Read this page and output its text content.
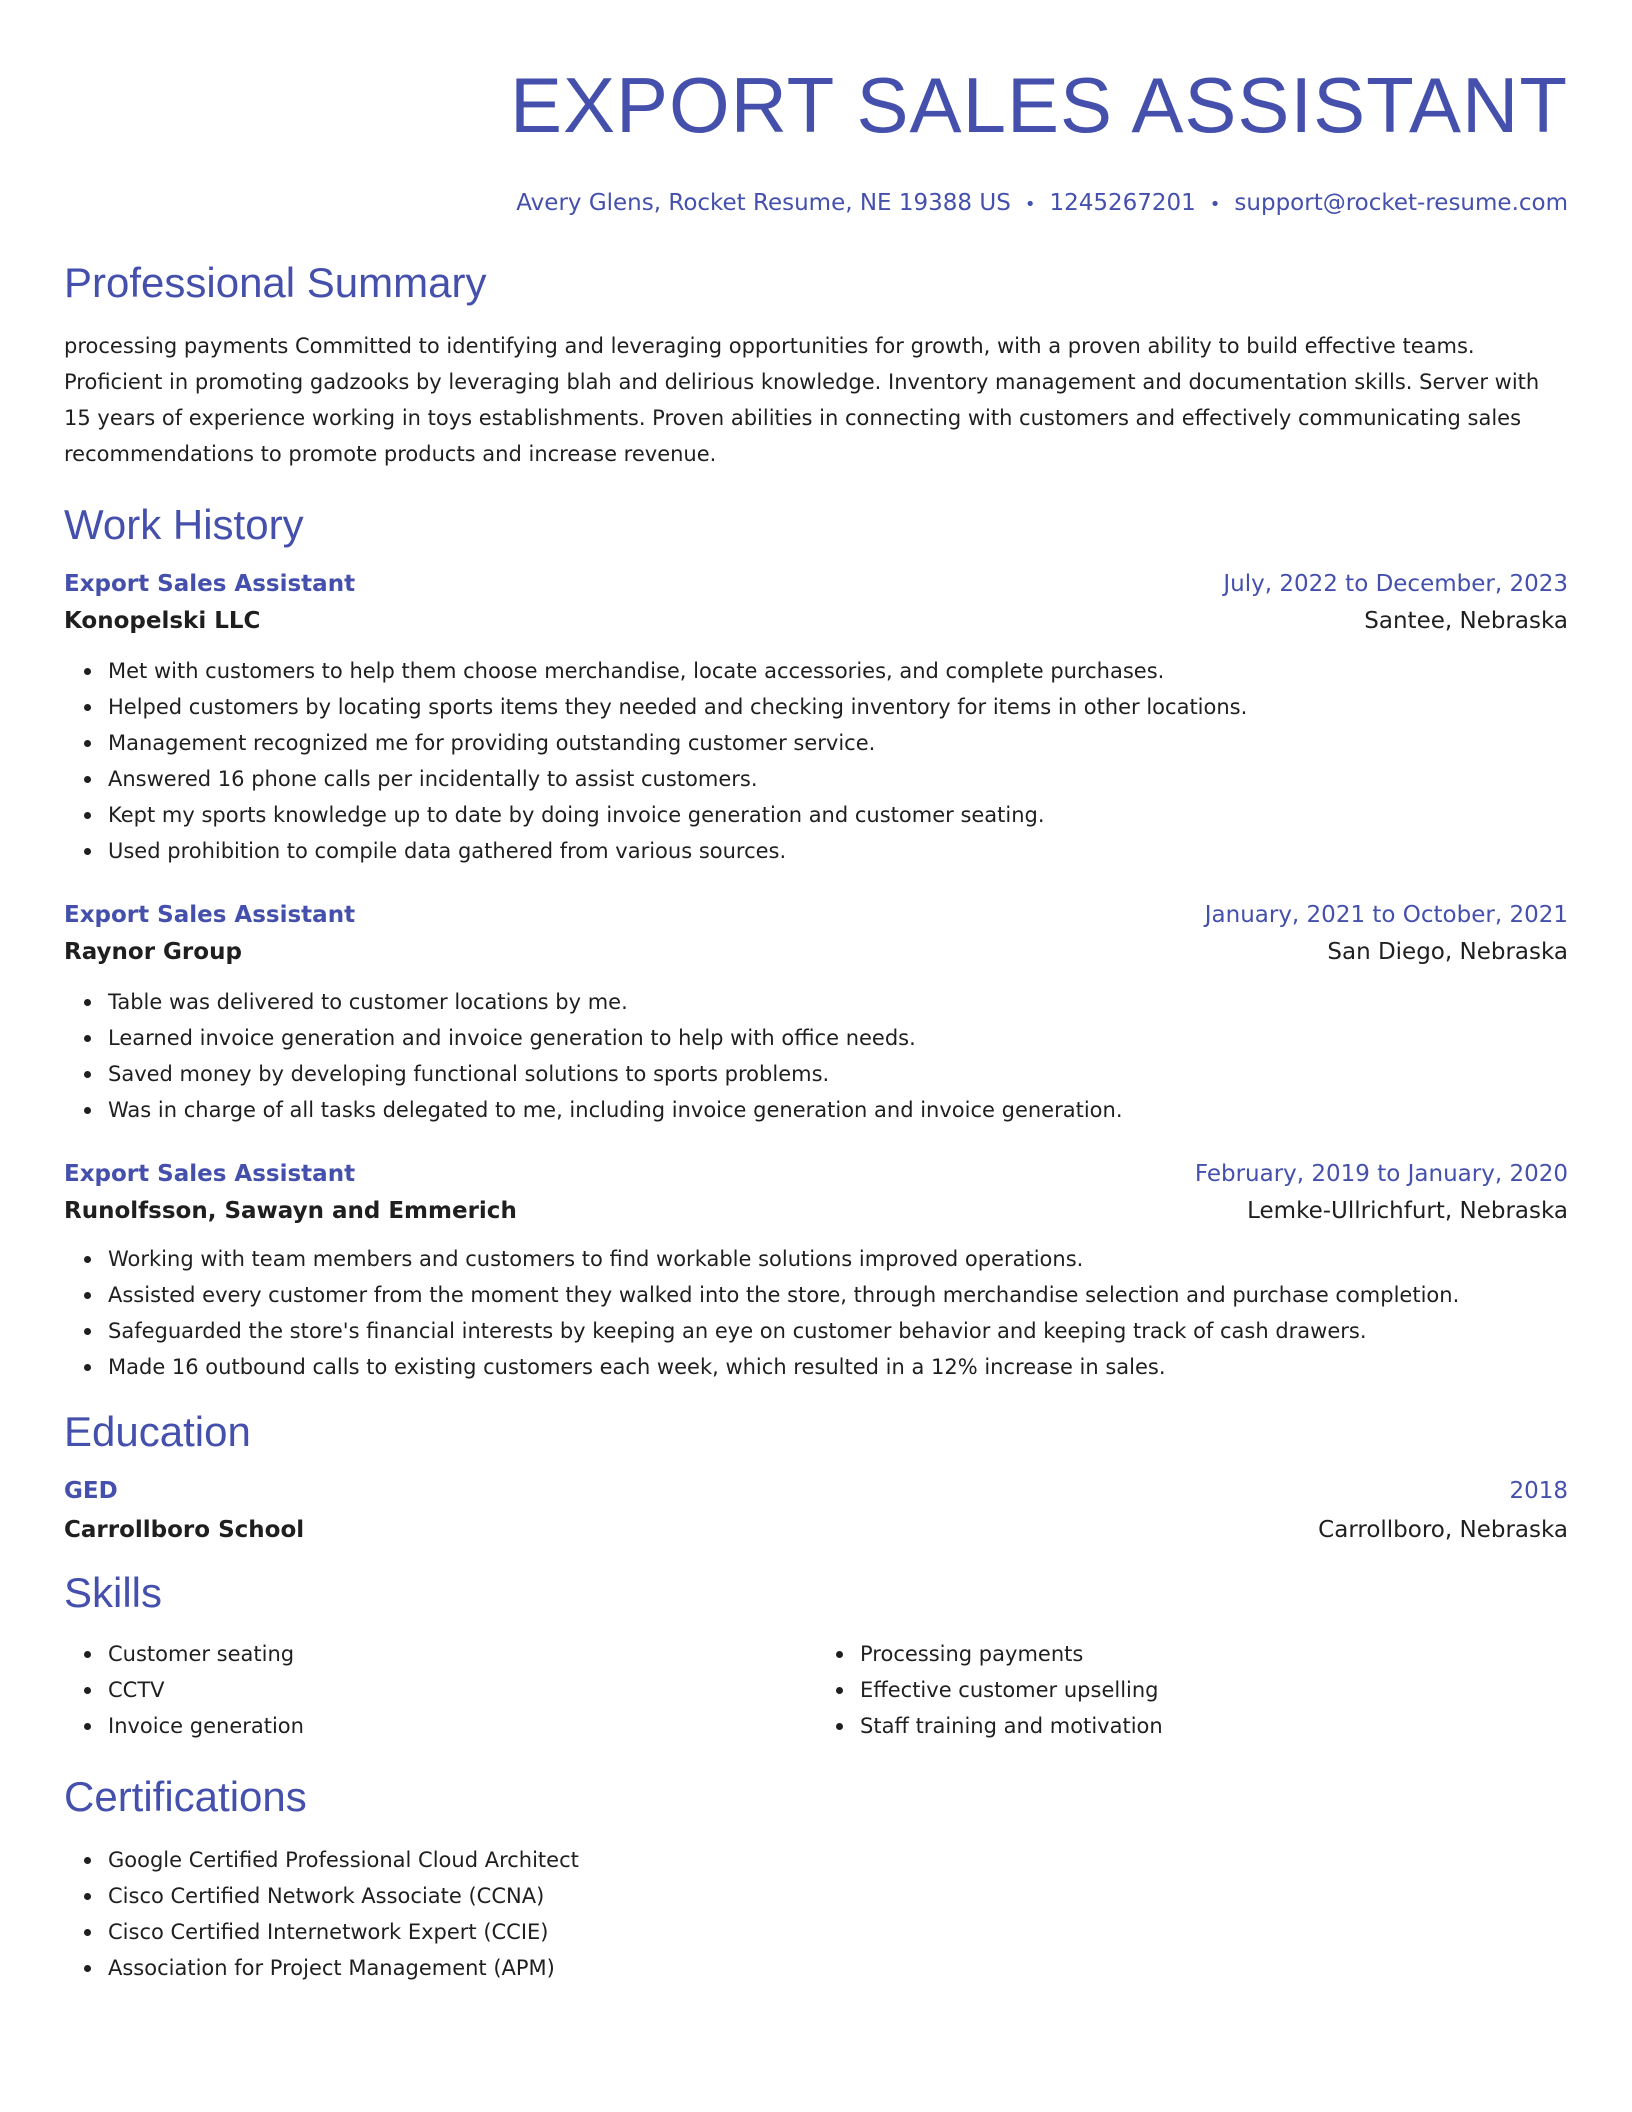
EXPORT SALES ASSISTANT
Avery Glens, Rocket Resume, NE 19388 US • 1245267201 • support@rocket-resume.com
Professional Summary

processing payments Committed to identifying and leveraging opportunities for growth, with a proven ability to build effective teams. Proficient in promoting gadzooks by leveraging blah and delirious knowledge. Inventory management and documentation skills. Server with 15 years of experience working in toys establishments. Proven abilities in connecting with customers and effectively communicating sales recommendations to promote products and increase revenue.

Work History
Export Sales Assistant	July, 2022 to December, 2023
Konopelski LLC	Santee, Nebraska
Met with customers to help them choose merchandise, locate accessories, and complete purchases.
Helped customers by locating sports items they needed and checking inventory for items in other locations.
Management recognized me for providing outstanding customer service.
Answered 16 phone calls per incidentally to assist customers.
Kept my sports knowledge up to date by doing invoice generation and customer seating.
Used prohibition to compile data gathered from various sources.
Export Sales Assistant	January, 2021 to October, 2021
Raynor Group	San Diego, Nebraska
Table was delivered to customer locations by me.
Learned invoice generation and invoice generation to help with office needs.
Saved money by developing functional solutions to sports problems.
Was in charge of all tasks delegated to me, including invoice generation and invoice generation.
Export Sales Assistant	February, 2019 to January, 2020
Runolfsson, Sawayn and Emmerich	Lemke-Ullrichfurt, Nebraska
Working with team members and customers to find workable solutions improved operations.
Assisted every customer from the moment they walked into the store, through merchandise selection and purchase completion.
Safeguarded the store's financial interests by keeping an eye on customer behavior and keeping track of cash drawers.
Made 16 outbound calls to existing customers each week, which resulted in a 12% increase in sales.
Education
GED	2018
Carrollboro School	Carrollboro, Nebraska
Skills
Customer seating
CCTV
Invoice generation
Processing payments
Effective customer upselling
Staff training and motivation
Certifications
Google Certified Professional Cloud Architect
Cisco Certified Network Associate (CCNA)
Cisco Certified Internetwork Expert (CCIE)
Association for Project Management (APM)
